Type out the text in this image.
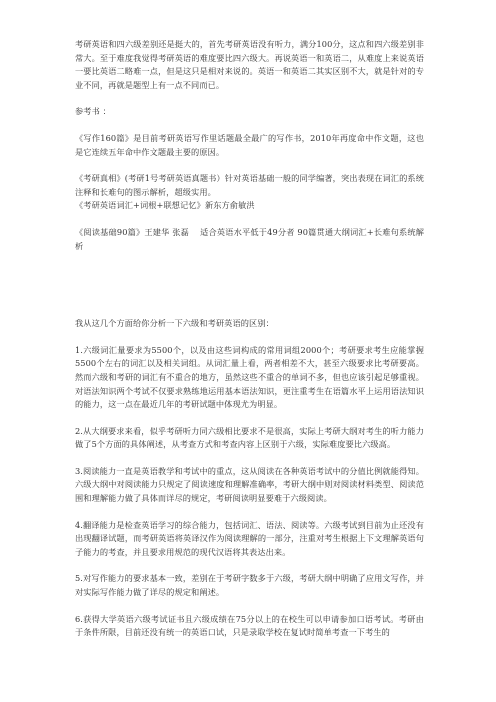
考研英语和四六级差别还是挺大的，首先考研英语没有听力，满分100分，这点和四六级差别非常大。至于难度我觉得考研英语的难度要比四六级大。再说英语一和英语二，从难度上来说英语一要比英语二略难一点，但是这只是相对来说的。英语一和英语二其实区别不大，就是针对的专业不同，再就是题型上有一点不同而已。

参考书 ：

《写作160篇》是目前考研英语写作里话题最全最广的写作书，2010年再度命中作文题，这也是它连续五年命中作文题最主要的原因。

《考研真相》(考研1号考研英语真题书）针对英语基础一般的同学编著，突出表现在词汇的系统注释和长难句的图示解析，超级实用。

《考研英语词汇+词根+联想记忆》新东方俞敏洪

《阅读基础90篇》王建华 张磊　 适合英语水平低于49分者 90篇贯通大纲词汇+长难句系统解析

我从这几个方面给你分析一下六级和考研英语的区别：

1.六级词汇量要求为5500个，以及由这些词构成的常用词组2000个；考研要求考生应能掌握5500个左右的词汇以及相关词组。从词汇量上看，两者相差不大，甚至六级要求比考研要高。然而六级和考研的词汇有不重合的地方，虽然这些不重合的单词不多，但也应该引起足够重视。对语法知识两个考试不仅要求熟练地运用基本语法知识，更注重考生在语篇水平上运用语法知识的能力，这一点在最近几年的考研试题中体现尤为明显。

2.从大纲要求来看，似乎考研听力同六级相比要求不是很高，实际上考研大纲对考生的听力能力做了5个方面的具体阐述，从考查方式和考查内容上区别于六级，实际难度要比六级高。

3.阅读能力一直是英语教学和考试中的重点，这从阅读在各种英语考试中的分值比例就能得知。六级大纲中对阅读能力只规定了阅读速度和理解准确率，考研大纲中则对阅读材料类型、阅读范围和理解能力做了具体而详尽的规定，考研阅读明显要难于六级阅读。

4.翻译能力是检查英语学习的综合能力，包括词汇、语法、阅读等。六级考试到目前为止还没有出现翻译试题，而考研英语将英译汉作为阅读理解的一部分，注重对考生根据上下文理解英语句子能力的考查，并且要求用规范的现代汉语将其表达出来。

5.对写作能力的要求基本一致，差别在于考研字数多于六级，考研大纲中明确了应用文写作，并对实际写作能力做了详尽的规定和阐述。

6.获得大学英语六级考试证书且六级成绩在75分以上的在校生可以申请参加口语考试。考研由于条件所限，目前还没有统一的英语口试，只是录取学校在复试时简单考查一下考生的
